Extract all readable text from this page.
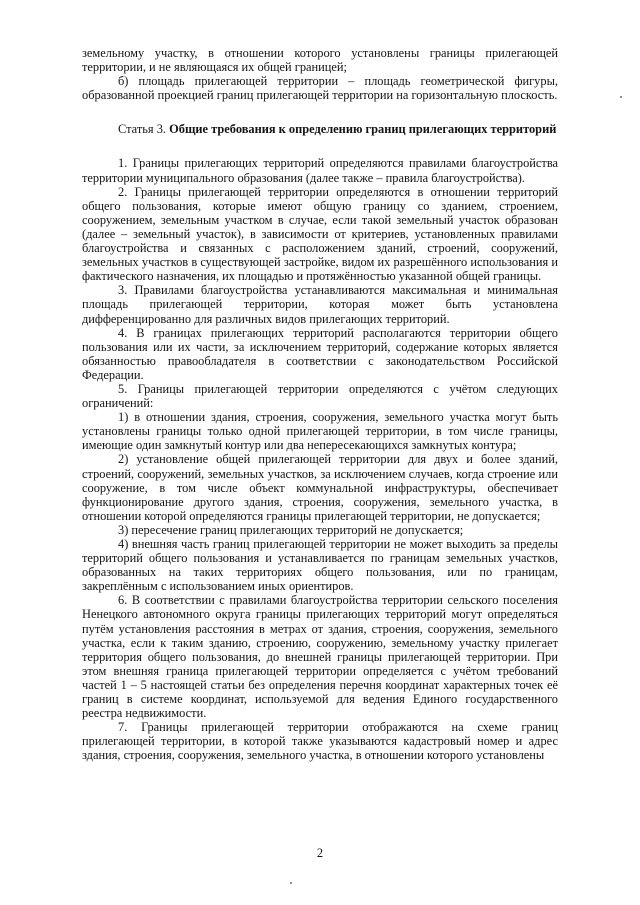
земельному участку, в отношении которого установлены границы прилегающей территории, и не являющаяся их общей границей;

б) площадь прилегающей территории – площадь геометрической фигуры, образованной проекцией границ прилегающей территории на горизонтальную плоскость.

Статья 3. Общие требования к определению границ прилегающих территорий

1. Границы прилегающих территорий определяются правилами благоустройства территории муниципального образования (далее также – правила благоустройства).

2. Границы прилегающей территории определяются в отношении территорий общего пользования, которые имеют общую границу со зданием, строением, сооружением, земельным участком в случае, если такой земельный участок образован (далее – земельный участок), в зависимости от критериев, установленных правилами благоустройства и связанных с расположением зданий, строений, сооружений, земельных участков в существующей застройке, видом их разрешённого использования и фактического назначения, их площадью и протяжённостью указанной общей границы.

3. Правилами благоустройства устанавливаются максимальная и минимальная площадь прилегающей территории, которая может быть установлена дифференцированно для различных видов прилегающих территорий.

4. В границах прилегающих территорий располагаются территории общего пользования или их части, за исключением территорий, содержание которых является обязанностью правообладателя в соответствии с законодательством Российской Федерации.

5. Границы прилегающей территории определяются с учётом следующих ограничений:

1) в отношении здания, строения, сооружения, земельного участка могут быть установлены границы только одной прилегающей территории, в том числе границы, имеющие один замкнутый контур или два непересекающихся замкнутых контура;

2) установление общей прилегающей территории для двух и более зданий, строений, сооружений, земельных участков, за исключением случаев, когда строение или сооружение, в том числе объект коммунальной инфраструктуры, обеспечивает функционирование другого здания, строения, сооружения, земельного участка, в отношении которой определяются границы прилегающей территории, не допускается;

3) пересечение границ прилегающих территорий не допускается;

4) внешняя часть границ прилегающей территории не может выходить за пределы территорий общего пользования и устанавливается по границам земельных участков, образованных на таких территориях общего пользования, или по границам, закреплённым с использованием иных ориентиров.

6. В соответствии с правилами благоустройства территории сельского поселения Ненецкого автономного округа границы прилегающих территорий могут определяться путём установления расстояния в метрах от здания, строения, сооружения, земельного участка, если к таким зданию, строению, сооружению, земельному участку прилегает территория общего пользования, до внешней границы прилегающей территории. При этом внешняя граница прилегающей территории определяется с учётом требований частей 1 – 5 настоящей статьи без определения перечня координат характерных точек её границ в системе координат, используемой для ведения Единого государственного реестра недвижимости.

7. Границы прилегающей территории отображаются на схеме границ прилегающей территории, в которой также указываются кадастровый номер и адрес здания, строения, сооружения, земельного участка, в отношении которого установлены

2
